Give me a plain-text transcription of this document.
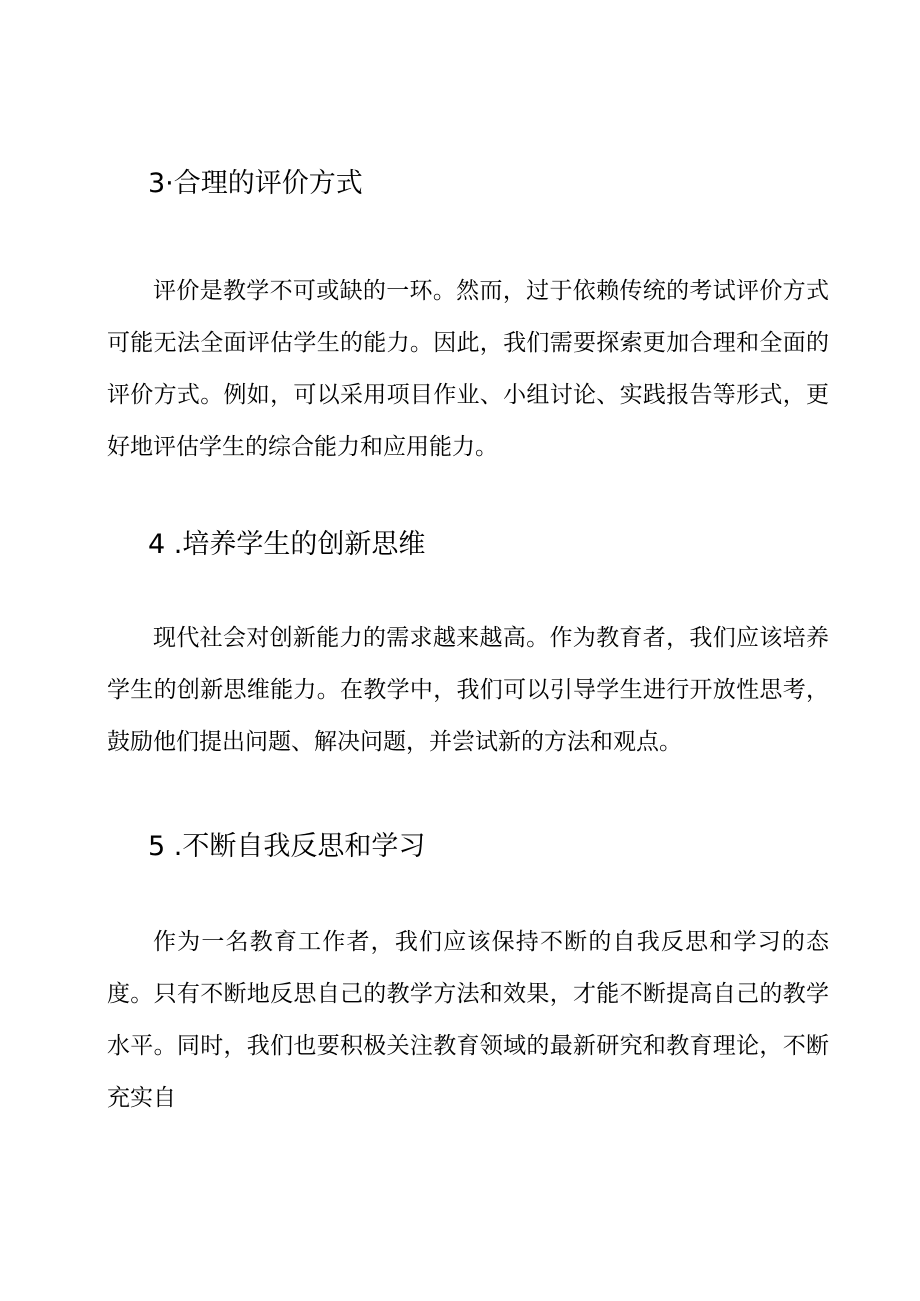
3·合理的评价方式

评价是教学不可或缺的一环。然而，过于依赖传统的考试评价方式可能无法全面评估学生的能力。因此，我们需要探索更加合理和全面的评价方式。例如，可以采用项目作业、小组讨论、实践报告等形式，更好地评估学生的综合能力和应用能力。

4 .培养学生的创新思维

现代社会对创新能力的需求越来越高。作为教育者，我们应该培养学生的创新思维能力。在教学中，我们可以引导学生进行开放性思考，鼓励他们提出问题、解决问题，并尝试新的方法和观点。

5 .不断自我反思和学习

作为一名教育工作者，我们应该保持不断的自我反思和学习的态度。只有不断地反思自己的教学方法和效果，才能不断提高自己的教学水平。同时，我们也要积极关注教育领域的最新研究和教育理论，不断充实自
